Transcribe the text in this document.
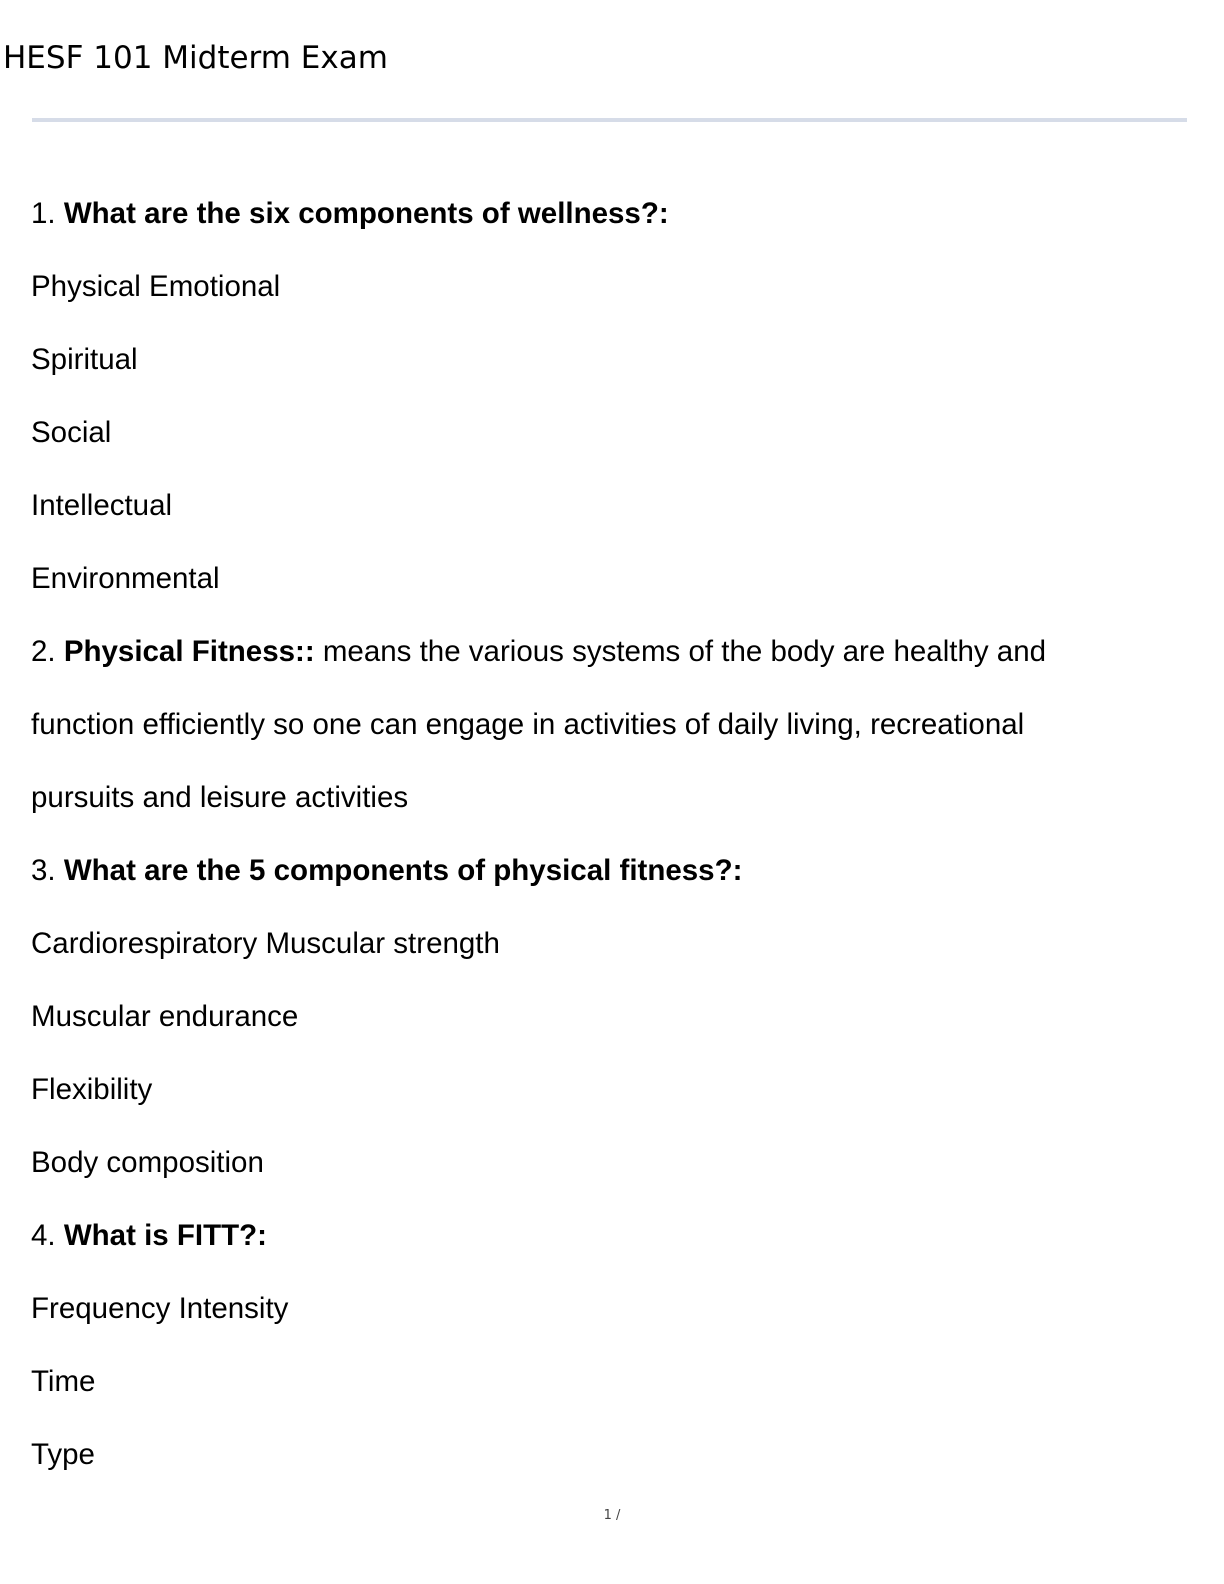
HESF 101 Midterm Exam
1. What are the six components of wellness?:
Physical Emotional
Spiritual
Social
Intellectual
Environmental
2. Physical Fitness:: means the various systems of the body are healthy and
function efficiently so one can engage in activities of daily living, recreational
pursuits and leisure activities
3. What are the 5 components of physical fitness?:
Cardiorespiratory Muscular strength
Muscular endurance
Flexibility
Body composition
4. What is FITT?:
Frequency Intensity
Time
Type
1 /
